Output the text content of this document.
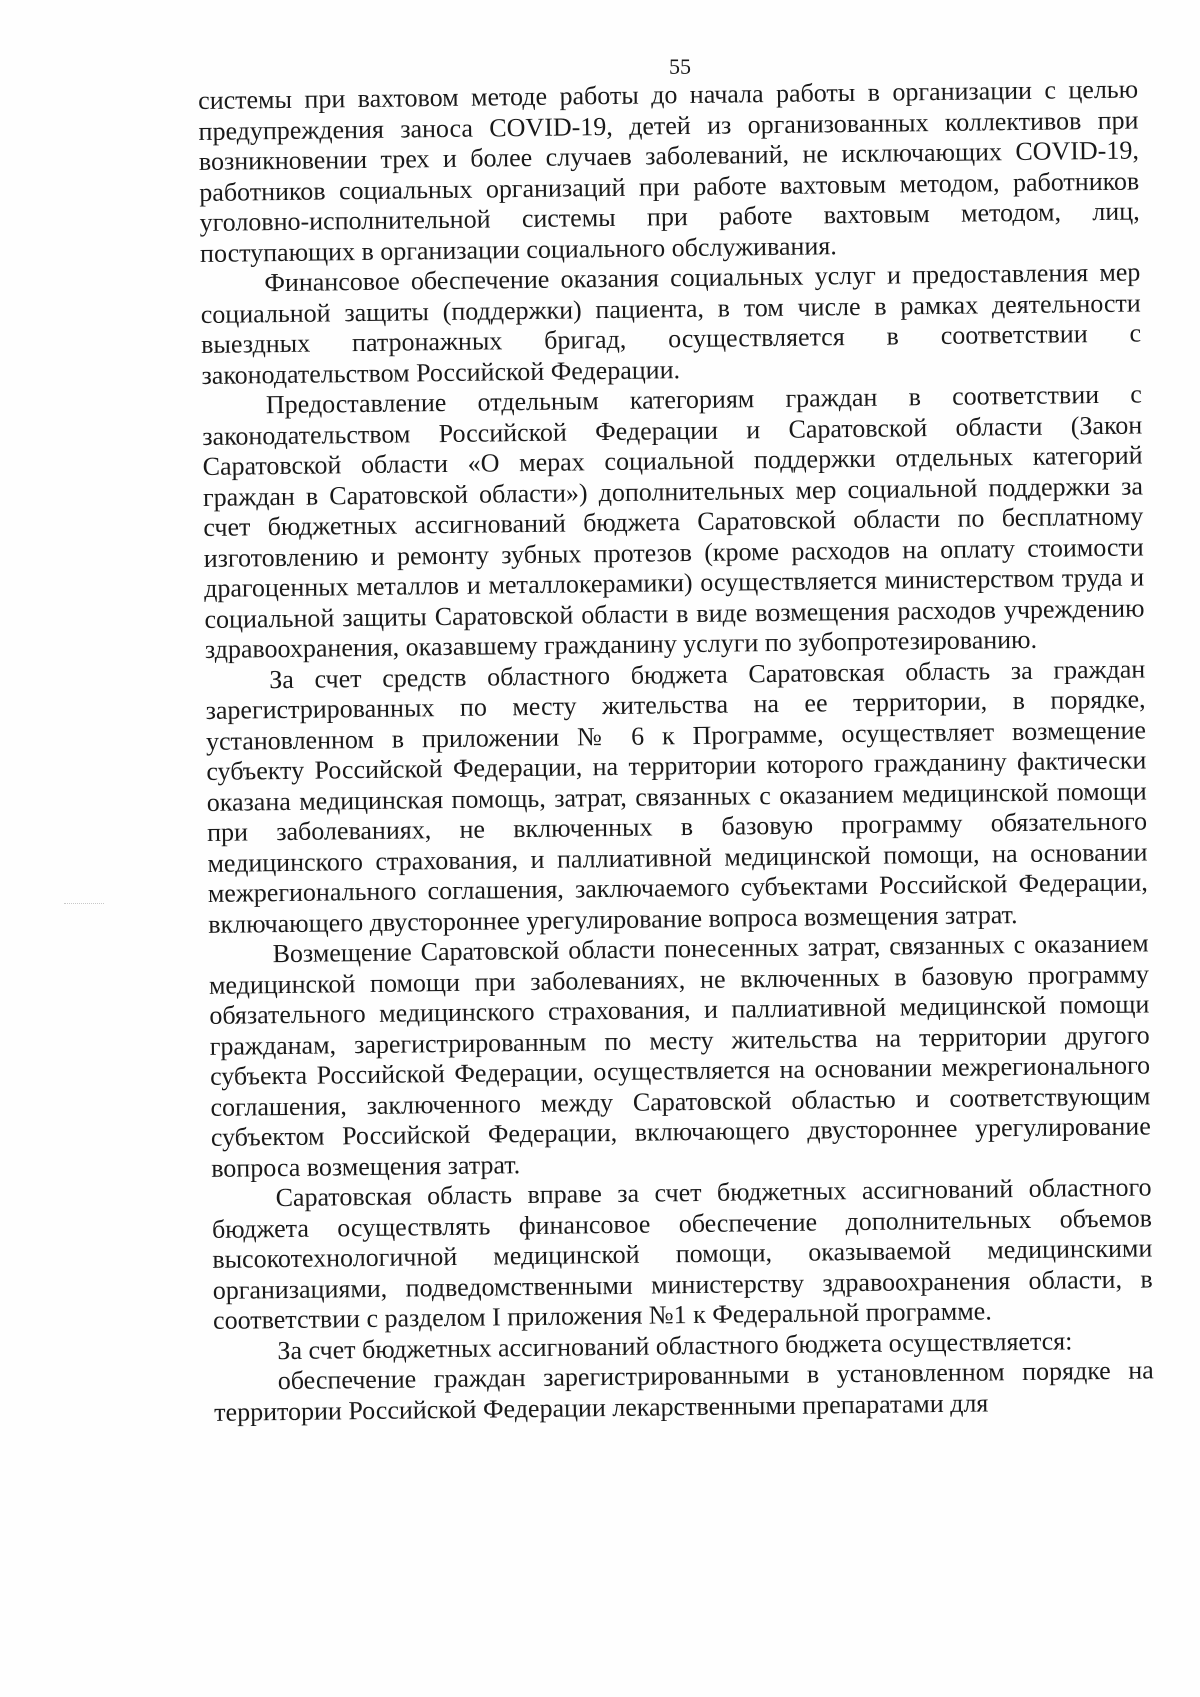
55

системы при вахтовом методе работы до начала работы в организации с целью предупреждения заноса COVID-19, детей из организованных коллективов при возникновении трех и более случаев заболеваний, не исключающих COVID-19, работников социальных организаций при работе вахтовым методом, работников уголовно-исполнительной системы при работе вахтовым методом, лиц, поступающих в организации социального обслуживания.

Финансовое обеспечение оказания социальных услуг и предоставления мер социальной защиты (поддержки) пациента, в том числе в рамках деятельности выездных патронажных бригад, осуществляется в соответствии с законодательством Российской Федерации.

Предоставление отдельным категориям граждан в соответствии с законодательством Российской Федерации и Саратовской области (Закон Саратовской области «О мерах социальной поддержки отдельных категорий граждан в Саратовской области») дополнительных мер социальной поддержки за счет бюджетных ассигнований бюджета Саратовской области по бесплатному изготовлению и ремонту зубных протезов (кроме расходов на оплату стоимости драгоценных металлов и металлокерамики) осуществляется министерством труда и социальной защиты Саратовской области в виде возмещения расходов учреждению здравоохранения, оказавшему гражданину услуги по зубопротезированию.

За счет средств областного бюджета Саратовская область за граждан зарегистрированных по месту жительства на ее территории, в порядке, установленном в приложении № 6 к Программе, осуществляет возмещение субъекту Российской Федерации, на территории которого гражданину фактически оказана медицинская помощь, затрат, связанных с оказанием медицинской помощи при заболеваниях, не включенных в базовую программу обязательного медицинского страхования, и паллиативной медицинской помощи, на основании межрегионального соглашения, заключаемого субъектами Российской Федерации, включающего двустороннее урегулирование вопроса возмещения затрат.

Возмещение Саратовской области понесенных затрат, связанных с оказанием медицинской помощи при заболеваниях, не включенных в базовую программу обязательного медицинского страхования, и паллиативной медицинской помощи гражданам, зарегистрированным по месту жительства на территории другого субъекта Российской Федерации, осуществляется на основании межрегионального соглашения, заключенного между Саратовской областью и соответствующим субъектом Российской Федерации, включающего двустороннее урегулирование вопроса возмещения затрат.

Саратовская область вправе за счет бюджетных ассигнований областного бюджета осуществлять финансовое обеспечение дополнительных объемов высокотехнологичной медицинской помощи, оказываемой медицинскими организациями, подведомственными министерству здравоохранения области, в соответствии с разделом I приложения №1 к Федеральной программе.

За счет бюджетных ассигнований областного бюджета осуществляется:

обеспечение граждан зарегистрированными в установленном порядке на территории Российской Федерации лекарственными препаратами для
